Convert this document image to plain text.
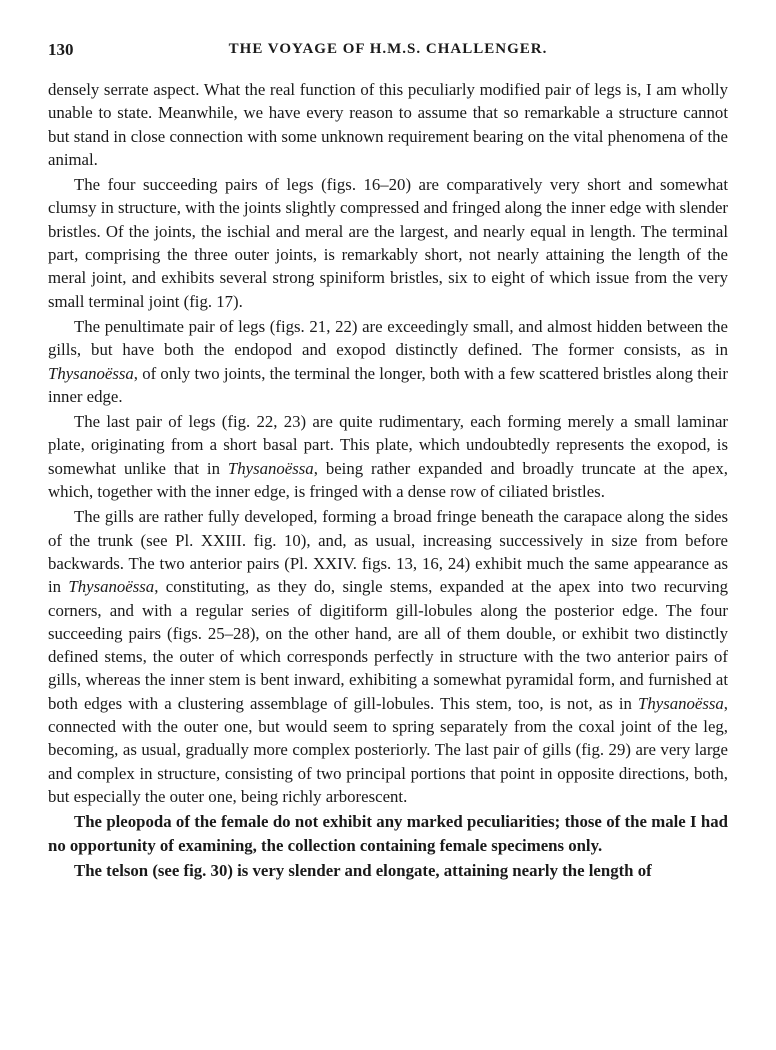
130	THE VOYAGE OF H.M.S. CHALLENGER.

densely serrate aspect. What the real function of this peculiarly modified pair of legs is, I am wholly unable to state. Meanwhile, we have every reason to assume that so remarkable a structure cannot but stand in close connection with some unknown requirement bearing on the vital phenomena of the animal.

The four succeeding pairs of legs (figs. 16–20) are comparatively very short and somewhat clumsy in structure, with the joints slightly compressed and fringed along the inner edge with slender bristles. Of the joints, the ischial and meral are the largest, and nearly equal in length. The terminal part, comprising the three outer joints, is remarkably short, not nearly attaining the length of the meral joint, and exhibits several strong spiniform bristles, six to eight of which issue from the very small terminal joint (fig. 17).

The penultimate pair of legs (figs. 21, 22) are exceedingly small, and almost hidden between the gills, but have both the endopod and exopod distinctly defined. The former consists, as in Thysanoëssa, of only two joints, the terminal the longer, both with a few scattered bristles along their inner edge.

The last pair of legs (fig. 22, 23) are quite rudimentary, each forming merely a small laminar plate, originating from a short basal part. This plate, which undoubtedly represents the exopod, is somewhat unlike that in Thysanoëssa, being rather expanded and broadly truncate at the apex, which, together with the inner edge, is fringed with a dense row of ciliated bristles.

The gills are rather fully developed, forming a broad fringe beneath the carapace along the sides of the trunk (see Pl. XXIII. fig. 10), and, as usual, increasing successively in size from before backwards. The two anterior pairs (Pl. XXIV. figs. 13, 16, 24) exhibit much the same appearance as in Thysanoëssa, constituting, as they do, single stems, expanded at the apex into two recurving corners, and with a regular series of digitiform gill-lobules along the posterior edge. The four succeeding pairs (figs. 25–28), on the other hand, are all of them double, or exhibit two distinctly defined stems, the outer of which corresponds perfectly in structure with the two anterior pairs of gills, whereas the inner stem is bent inward, exhibiting a somewhat pyramidal form, and furnished at both edges with a clustering assemblage of gill-lobules. This stem, too, is not, as in Thysanoëssa, connected with the outer one, but would seem to spring separately from the coxal joint of the leg, becoming, as usual, gradually more complex posteriorly. The last pair of gills (fig. 29) are very large and complex in structure, consisting of two principal portions that point in opposite directions, both, but especially the outer one, being richly arborescent.

The pleopoda of the female do not exhibit any marked peculiarities; those of the male I had no opportunity of examining, the collection containing female specimens only.

The telson (see fig. 30) is very slender and elongate, attaining nearly the length of
